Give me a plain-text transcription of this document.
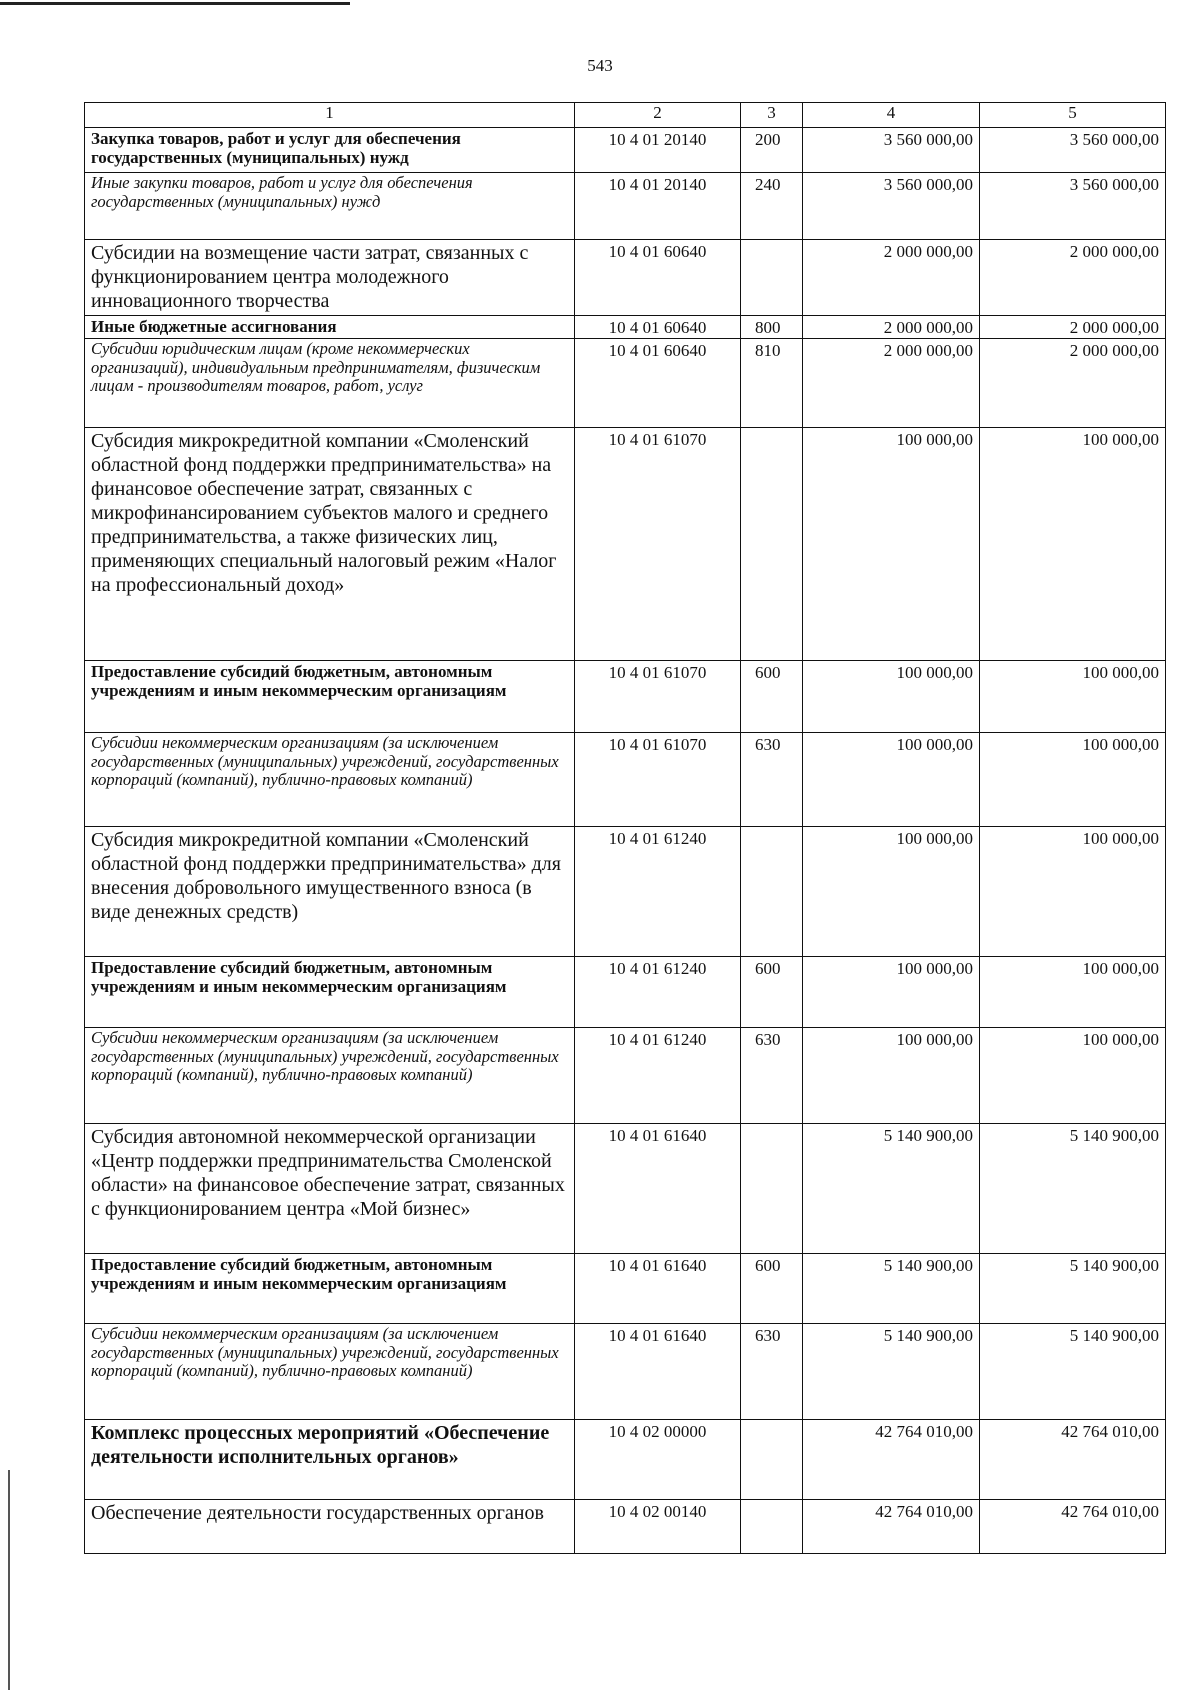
543
1	2	3	4	5
Закупка товаров, работ и услуг для обеспечения государственных (муниципальных) нужд	10 4 01 20140	200	3 560 000,00	3 560 000,00
Иные закупки товаров, работ и услуг для обеспечения государственных (муниципальных) нужд	10 4 01 20140	240	3 560 000,00	3 560 000,00
Субсидии на возмещение части затрат, связанных с функционированием центра молодежного инновационного творчества	10 4 01 60640		2 000 000,00	2 000 000,00
Иные бюджетные ассигнования	10 4 01 60640	800	2 000 000,00	2 000 000,00
Субсидии юридическим лицам (кроме некоммерческих организаций), индивидуальным предпринимателям, физическим лицам - производителям товаров, работ, услуг	10 4 01 60640	810	2 000 000,00	2 000 000,00
Субсидия микрокредитной компании «Смоленский областной фонд поддержки предпринимательства» на финансовое обеспечение затрат, связанных с микрофинансированием субъектов малого и среднего предпринимательства, а также физических лиц, применяющих специальный налоговый режим «Налог на профессиональный доход»	10 4 01 61070		100 000,00	100 000,00
Предоставление субсидий бюджетным, автономным учреждениям и иным некоммерческим организациям	10 4 01 61070	600	100 000,00	100 000,00
Субсидии некоммерческим организациям (за исключением государственных (муниципальных) учреждений, государственных корпораций (компаний), публично-правовых компаний)	10 4 01 61070	630	100 000,00	100 000,00
Субсидия микрокредитной компании «Смоленский областной фонд поддержки предпринимательства» для внесения добровольного имущественного взноса (в виде денежных средств)	10 4 01 61240		100 000,00	100 000,00
Предоставление субсидий бюджетным, автономным учреждениям и иным некоммерческим организациям	10 4 01 61240	600	100 000,00	100 000,00
Субсидии некоммерческим организациям (за исключением государственных (муниципальных) учреждений, государственных корпораций (компаний), публично-правовых компаний)	10 4 01 61240	630	100 000,00	100 000,00
Субсидия автономной некоммерческой организации «Центр поддержки предпринимательства Смоленской области» на финансовое обеспечение затрат, связанных с функционированием центра «Мой бизнес»	10 4 01 61640		5 140 900,00	5 140 900,00
Предоставление субсидий бюджетным, автономным учреждениям и иным некоммерческим организациям	10 4 01 61640	600	5 140 900,00	5 140 900,00
Субсидии некоммерческим организациям (за исключением государственных (муниципальных) учреждений, государственных корпораций (компаний), публично-правовых компаний)	10 4 01 61640	630	5 140 900,00	5 140 900,00
Комплекс процессных мероприятий «Обеспечение деятельности исполнительных органов»	10 4 02 00000		42 764 010,00	42 764 010,00
Обеспечение деятельности государственных органов	10 4 02 00140		42 764 010,00	42 764 010,00
